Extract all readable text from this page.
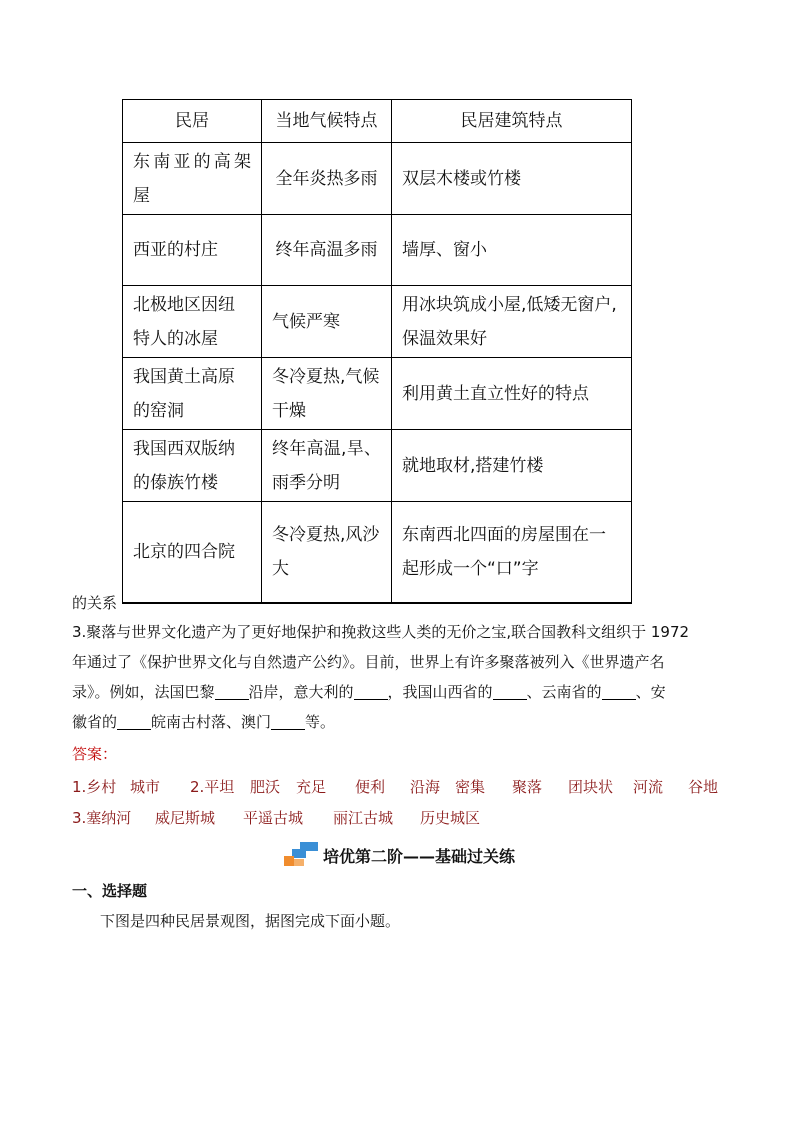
民居	当地气候特点	民居建筑特点
东南亚的高架屋	全年炎热多雨	双层木楼或竹楼
西亚的村庄	终年高温多雨	墙厚、窗小
北极地区因纽特人的冰屋	气候严寒	用冰块筑成小屋,低矮无窗户,保温效果好
我国黄土高原的窑洞	冬冷夏热,气候干燥	利用黄土直立性好的特点
我国西双版纳的傣族竹楼	终年高温,旱、雨季分明	就地取材,搭建竹楼
北京的四合院	冬冷夏热,风沙大	东南西北四面的房屋围在一起形成一个“口”字
的关系
3.聚落与世界文化遗产为了更好地保护和挽救这些人类的无价之宝,联合国教科文组织于 1972
年通过了《保护世界文化与自然遗产公约》。目前，世界上有许多聚落被列入《世界遗产名
录》。例如，法国巴黎 沿岸，意大利的 ，我国山西省的 、云南省的 、安
徽省的 皖南古村落、澳门 等。
答案：
1.乡村 城市 2.平坦 肥沃 充足 便利 沿海 密集 聚落 团块状 河流 谷地
3.塞纳河 威尼斯城 平遥古城 丽江古城 历史城区
培优第二阶——基础过关练
一、选择题
下图是四种民居景观图，据图完成下面小题。
